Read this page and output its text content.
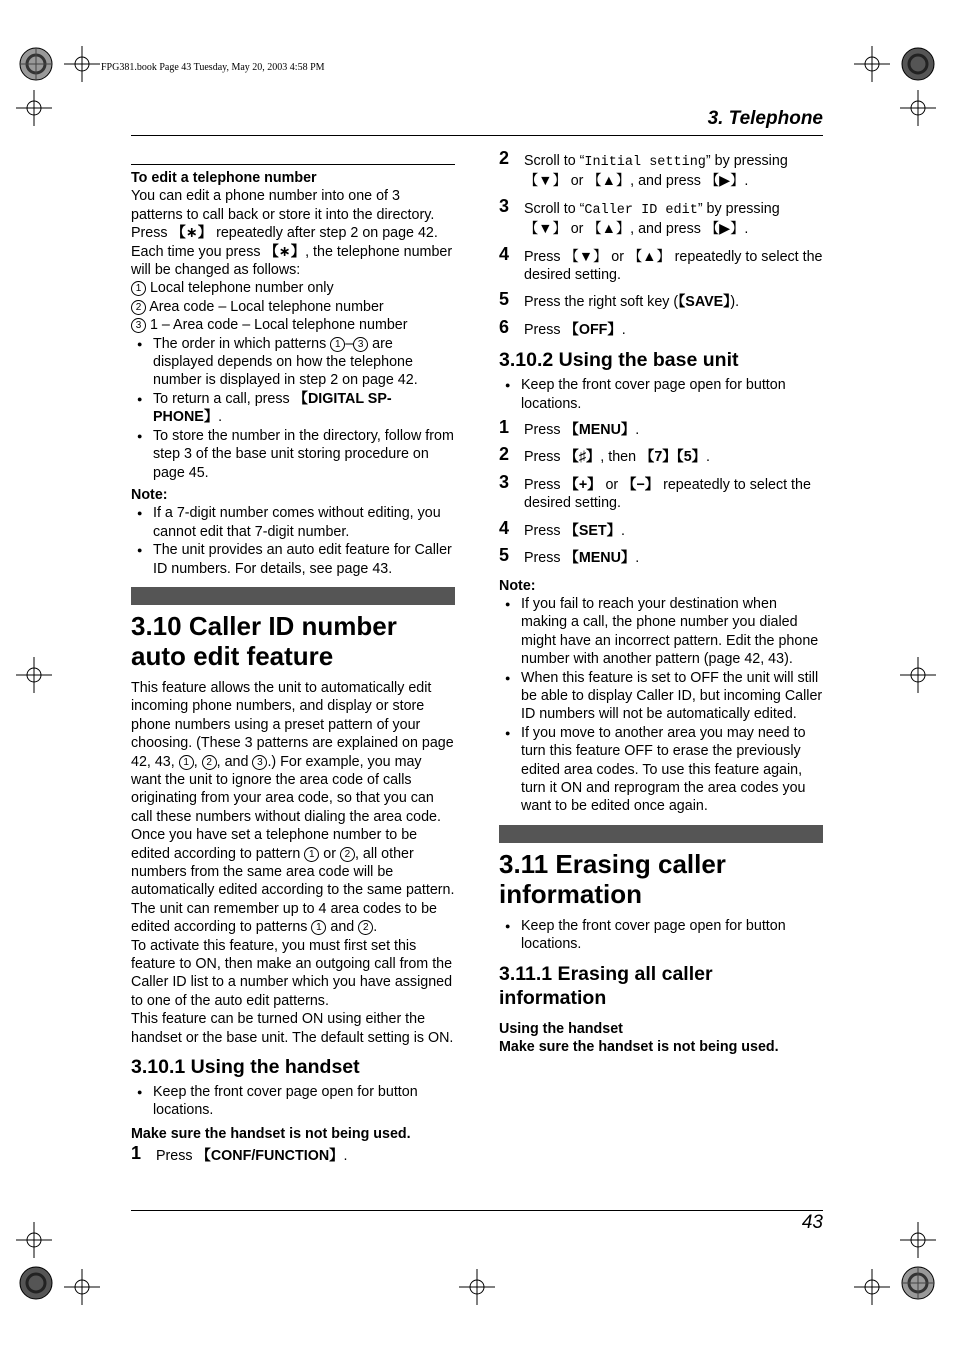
FPG381.book Page 43 Tuesday, May 20, 2003 4:58 PM
3. Telephone

To edit a telephone number

You can edit a phone number into one of 3 patterns to call back or store it into the directory. Press 【∗】 repeatedly after step 2 on page 42. Each time you press 【∗】, the telephone number will be changed as follows:

1 Local telephone number only

2 Area code – Local telephone number

3 1 – Area code – Local telephone number

● The order in which patterns 1 – 3 are displayed depends on how the telephone number is displayed in step 2 on page 42.

● To return a call, press 【DIGITAL SP-PHONE】.

● To store the number in the directory, follow from step 3 of the base unit storing procedure on page 45.

Note:

● If a 7-digit number comes without editing, you cannot edit that 7-digit number.

● The unit provides an auto edit feature for Caller ID numbers. For details, see page 43.

3.10 Caller ID number auto edit feature

This feature allows the unit to automatically edit incoming phone numbers, and display or store phone numbers using a preset pattern of your choosing. (These 3 patterns are explained on page 42, 43, 1 , 2 , and 3 .) For example, you may want the unit to ignore the area code of calls originating from your area code, so that you can call these numbers without dialing the area code. Once you have set a telephone number to be edited according to pattern 1 or 2 , all other numbers from the same area code will be automatically edited according to the same pattern. The unit can remember up to 4 area codes to be edited according to patterns 1 and 2 .

To activate this feature, you must first set this feature to ON, then make an outgoing call from the Caller ID list to a number which you have assigned to one of the auto edit patterns.

This feature can be turned ON using either the handset or the base unit. The default setting is ON.

3.10.1 Using the handset

● Keep the front cover page open for button locations.

Make sure the handset is not being used.

1 Press 【CONF/FUNCTION】.
2 Scroll to “Initial setting” by pressing 【▼】 or 【▲】, and press 【▶】.
3 Scroll to “Caller ID edit” by pressing 【▼】 or 【▲】, and press 【▶】.
4 Press 【▼】 or 【▲】 repeatedly to select the desired setting.
5 Press the right soft key (【SAVE】).
6 Press 【OFF】.
3.10.2 Using the base unit

● Keep the front cover page open for button locations.

1 Press 【MENU】.
2 Press 【♯】, then 【7】【5】.
3 Press 【+】 or 【−】 repeatedly to select the desired setting.
4 Press 【SET】.
5 Press 【MENU】.

Note:

● If you fail to reach your destination when making a call, the phone number you dialed might have an incorrect pattern. Edit the phone number with another pattern (page 42, 43).

● When this feature is set to OFF the unit will still be able to display Caller ID, but incoming Caller ID numbers will not be automatically edited.

● If you move to another area you may need to turn this feature OFF to erase the previously edited area codes. To use this feature again, turn it ON and reprogram the area codes you want to be edited once again.

3.11 Erasing caller information

● Keep the front cover page open for button locations.

3.11.1 Erasing all caller information

Using the handset

Make sure the handset is not being used.

43
